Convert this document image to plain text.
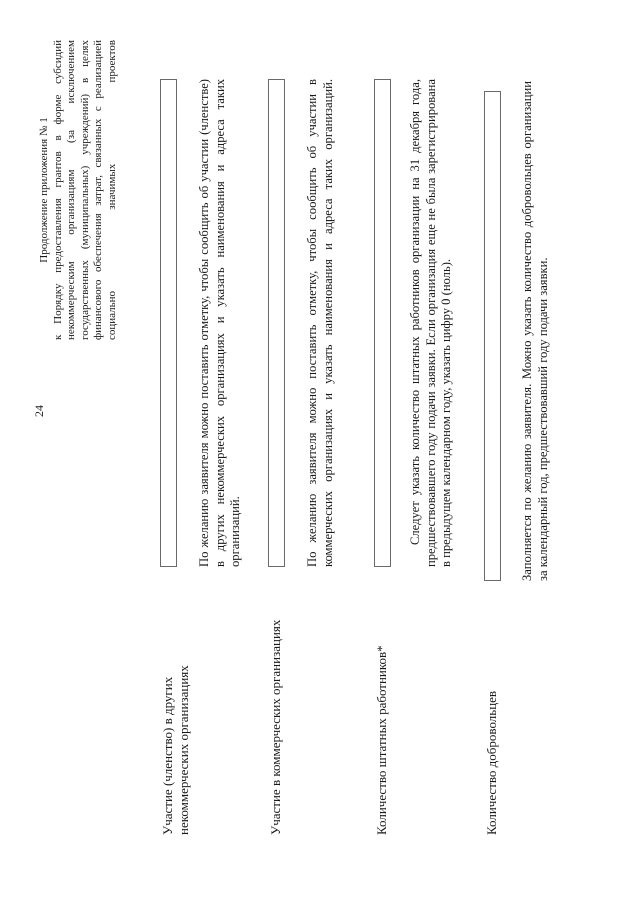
24
Продолжение приложения № 1 к Порядку предоставления грантов в форме субсидий некоммерческим организациям (за исключением государственных (муниципальных) учреждений) в целях финансового обеспечения затрат, связанных с реализацией социально значимых проектов
Участие (членство) в других некоммерческих организациях
По желанию заявителя можно поставить отметку, чтобы сообщить об участии (членстве) в других некоммерческих организациях и указать наименования и адреса таких организаций.
Участие в коммерческих организациях
По желанию заявителя можно поставить отметку, чтобы сообщить об участии в коммерческих организациях и указать наименования и адреса таких организаций.
Количество штатных работников*
Следует указать количество штатных работников организации на 31 декабря года, предшествовавшего году подачи заявки. Если организация еще не была зарегистрирована в предыдущем календарном году, указать цифру 0 (ноль).
Количество добровольцев
Заполняется по желанию заявителя. Можно указать количество добровольцев организации за календарный год, предшествовавший году подачи заявки.
